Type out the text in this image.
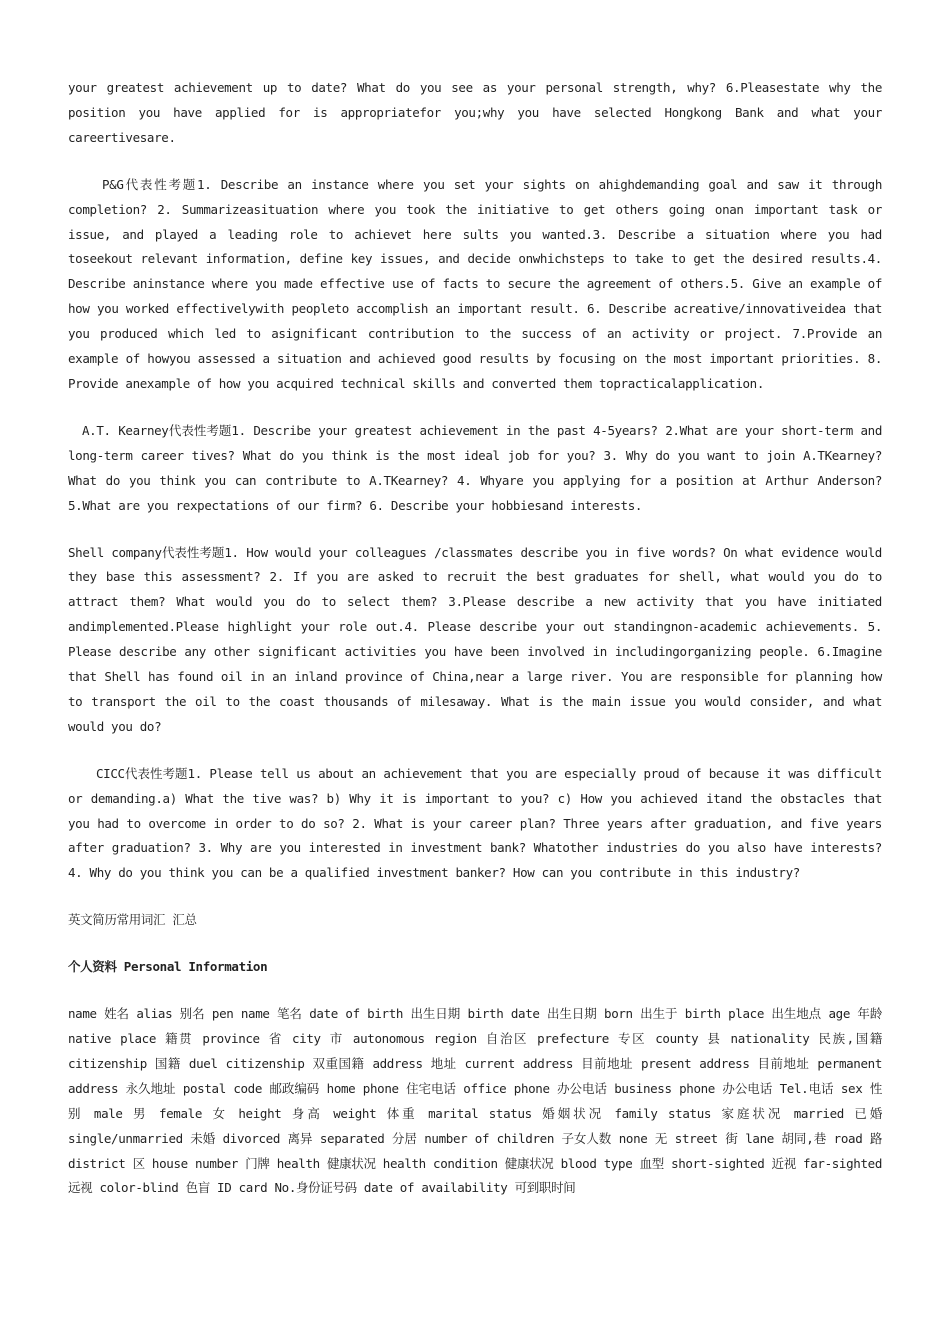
your greatest achievement up to date? What do you see as your personal strength, why? 6.Pleasestate why the position you have applied for is appropriatefor you;why you have selected Hongkong Bank and what your careertivesare.

P&G代表性考题1. Describe an instance where you set your sights on ahighdemanding goal and saw it through completion? 2. Summarizeasituation where you took the initiative to get others going onan important task or issue, and played a leading role to achievet here sults you wanted.3. Describe a situation where you had toseekout relevant information, define key issues, and decide onwhichsteps to take to get the desired results.4. Describe aninstance where you made effective use of facts to secure the agreement of others.5. Give an example of how you worked effectivelywith peopleto accomplish an important result. 6. Describe acreative/innovativeidea that you produced which led to asignificant contribution to the success of an activity or project. 7.Provide an example of howyou assessed a situation and achieved good results by focusing on the most important priorities. 8. Provide anexample of how you acquired technical skills and converted them topracticalapplication.

A.T. Kearney代表性考题1. Describe your greatest achievement in the past 4-5years? 2.What are your short-term and long-term career tives? What do you think is the most ideal job for you? 3. Why do you want to join A.TKearney? What do you think you can contribute to A.TKearney? 4. Whyare you applying for a position at Arthur Anderson? 5.What are you rexpectations of our firm? 6. Describe your hobbiesand interests.

Shell company代表性考题1. How would your colleagues /classmates describe you in five words? On what evidence would they base this assessment? 2. If you are asked to recruit the best graduates for shell, what would you do to attract them? What would you do to select them? 3.Please describe a new activity that you have initiated andimplemented.Please highlight your role out.4. Please describe your out standingnon-academic achievements. 5. Please describe any other significant activities you have been involved in includingorganizing people. 6.Imagine that Shell has found oil in an inland province of China,near a large river. You are responsible for planning how to transport the oil to the coast thousands of milesaway. What is the main issue you would consider, and what would you do?

CICC代表性考题1. Please tell us about an achievement that you are especially proud of because it was difficult or demanding.a) What the tive was? b) Why it is important to you? c) How you achieved itand the obstacles that you had to overcome in order to do so? 2. What is your career plan? Three years after graduation, and five years after graduation? 3. Why are you interested in investment bank? Whatother industries do you also have interests? 4. Why do you think you can be a qualified investment banker? How can you contribute in this industry?

英文简历常用词汇 汇总

个人资料 Personal Information

name 姓名 alias 别名 pen name 笔名 date of birth 出生日期 birth date 出生日期 born 出生于 birth place 出生地点 age 年龄 native place 籍贯 province 省 city 市 autonomous region 自治区 prefecture 专区 county 县 nationality 民族,国籍 citizenship 国籍 duel citizenship 双重国籍 address 地址 current address 目前地址 present address 目前地址 permanent address 永久地址 postal code 邮政编码 home phone 住宅电话 office phone 办公电话 business phone 办公电话 Tel.电话 sex 性别 male 男 female 女 height 身高 weight 体重 marital status 婚姻状况 family status 家庭状况 married 已婚 single/unmarried 未婚 divorced 离异 separated 分居 number of children 子女人数 none 无 street 街 lane 胡同,巷 road 路 district 区 house number 门牌 health 健康状况 health condition 健康状况 blood type 血型 short-sighted 近视 far-sighted 远视 color-blind 色盲 ID card No.身份证号码 date of availability 可到职时间
